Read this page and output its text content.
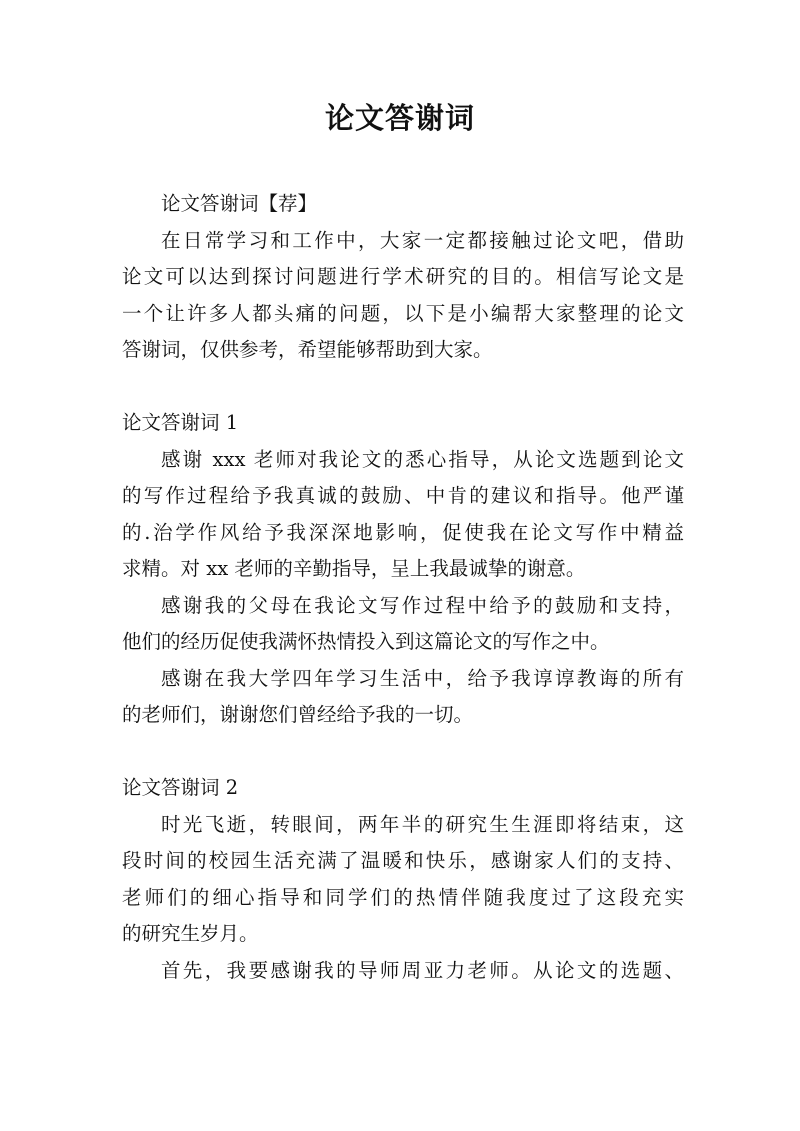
论文答谢词
论文答谢词【荐】
在日常学习和工作中，大家一定都接触过论文吧，借助
论文可以达到探讨问题进行学术研究的目的。相信写论文是
一个让许多人都头痛的问题，以下是小编帮大家整理的论文
答谢词，仅供参考，希望能够帮助到大家。
论文答谢词 1
感谢 xxx 老师对我论文的悉心指导，从论文选题到论文
的写作过程给予我真诚的鼓励、中肯的建议和指导。他严谨
的.治学作风给予我深深地影响，促使我在论文写作中精益
求精。对 xx 老师的辛勤指导，呈上我最诚挚的谢意。
感谢我的父母在我论文写作过程中给予的鼓励和支持，
他们的经历促使我满怀热情投入到这篇论文的写作之中。
感谢在我大学四年学习生活中，给予我谆谆教诲的所有
的老师们，谢谢您们曾经给予我的一切。
论文答谢词 2
时光飞逝，转眼间，两年半的研究生生涯即将结束，这
段时间的校园生活充满了温暖和快乐，感谢家人们的支持、
老师们的细心指导和同学们的热情伴随我度过了这段充实
的研究生岁月。
首先，我要感谢我的导师周亚力老师。从论文的选题、
